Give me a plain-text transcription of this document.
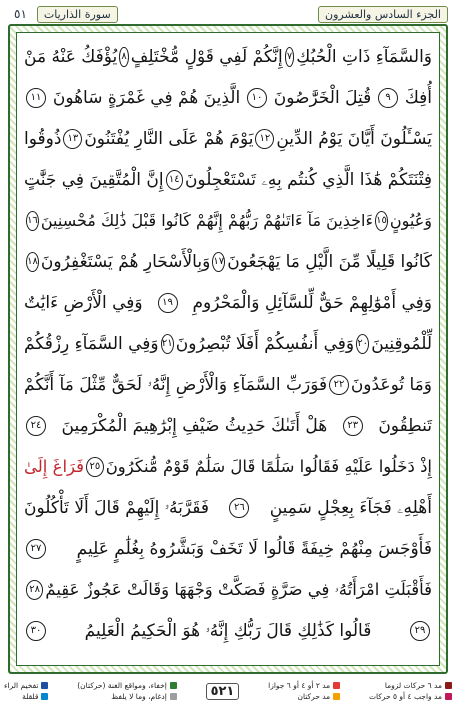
٥١	سورة الذاريات	الجزء السادس والعشرون
وَالسَّمَآءِ ذَاتِ الْحُبُكِ
٧
إِنَّكُمْ لَفِي قَوْلٍ مُّخْتَلِفٍ
٨
يُؤْفَكُ عَنْهُ مَنْ
أُفِكَ
٩
قُتِلَ الْخَرَّٰصُونَ
١٠
الَّذِينَ هُمْ فِي غَمْرَةٍ سَاهُونَ
١١
يَسْـَٔلُونَ أَيَّانَ يَوْمُ الدِّينِ
١٢
يَوْمَ هُمْ عَلَى النَّارِ يُفْتَنُونَ
١٣
ذُوقُوا
فِتْنَتَكُمْ هَٰذَا الَّذِي كُنتُم بِهِۦ تَسْتَعْجِلُونَ
١٤
إِنَّ الْمُتَّقِينَ فِي جَنَّٰتٍ
وَعُيُونٍ
١٥
ءَاخِذِينَ مَآ ءَاتَىٰهُمْ رَبُّهُمْ إِنَّهُمْ كَانُوا قَبْلَ ذَٰلِكَ مُحْسِنِينَ
١٦
كَانُوا قَلِيلًا مِّنَ الَّيْلِ مَا يَهْجَعُونَ
١٧
وَبِالْأَسْحَارِ هُمْ يَسْتَغْفِرُونَ
١٨
وَفِي أَمْوَٰلِهِمْ حَقٌّ لِّلسَّآئِلِ وَالْمَحْرُومِ
١٩
وَفِي الْأَرْضِ ءَايَٰتٌ
لِّلْمُوقِنِينَ
٢٠
وَفِي أَنفُسِكُمْ أَفَلَا تُبْصِرُونَ
٢١
وَفِي السَّمَآءِ رِزْقُكُمْ
وَمَا تُوعَدُونَ
٢٢
فَوَرَبِّ السَّمَآءِ وَالْأَرْضِ إِنَّهُۥ لَحَقٌّ مِّثْلَ مَآ أَنَّكُمْ
تَنطِقُونَ
٢٣
هَلْ أَتَىٰكَ حَدِيثُ ضَيْفِ إِبْرَٰهِيمَ الْمُكْرَمِينَ
٢٤
إِذْ دَخَلُوا عَلَيْهِ فَقَالُوا سَلَٰمًا قَالَ سَلَٰمٌ قَوْمٌ مُّنكَرُونَ
٢٥
فَرَاغَ إِلَىٰ
أَهْلِهِۦ فَجَآءَ بِعِجْلٍ سَمِينٍ
٢٦
فَقَرَّبَهُۥ إِلَيْهِمْ قَالَ أَلَا تَأْكُلُونَ
فَأَوْجَسَ مِنْهُمْ خِيفَةً قَالُوا لَا تَخَفْ وَبَشَّرُوهُ بِغُلَٰمٍ عَلِيمٍ
٢٧
فَأَقْبَلَتِ امْرَأَتُهُۥ فِي صَرَّةٍ فَصَكَّتْ وَجْهَهَا وَقَالَتْ عَجُوزٌ عَقِيمٌ
٢٨
٢٩
قَالُوا كَذَٰلِكِ قَالَ رَبُّكِ إِنَّهُۥ هُوَ الْحَكِيمُ الْعَلِيمُ
٣٠
مد ٦ حركات لزوما
مد واجب ٤ أو ٥ حركات
مد ٢ أو ٤ أو ٦ جوازا
مد حركتان
٥٢١
إخفاء، ومواقع الغنة (حركتان)
إدغام، وما لا يلفظ
تفخيم الراء
قلقلة
